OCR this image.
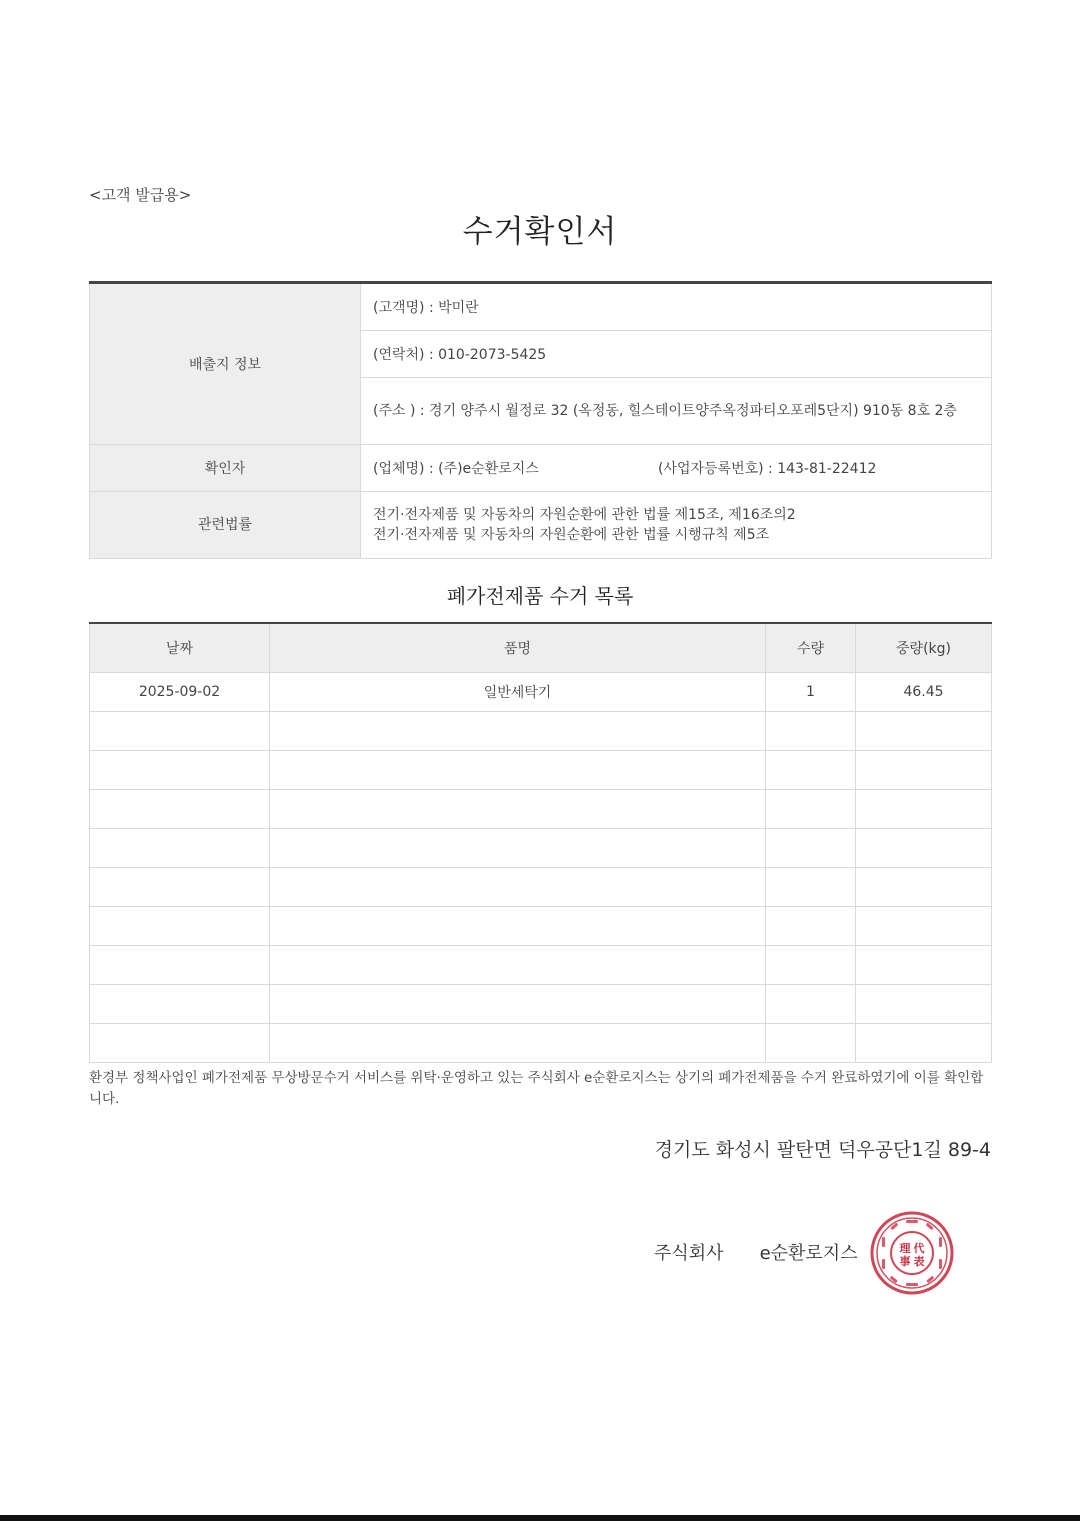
<고객 발급용>
수거확인서
배출지 정보	(고객명) : 박미란
	(연락처) : 010-2073-5425
	(주소 ) : 경기 양주시 월정로 32 (옥정동, 힐스테이트양주옥정파티오포레5단지) 910동 8호 2층
확인자	(업체명) : (주)e순환로지스 (사업자등록번호) : 143-81-22412

관련법률	전기·전자제품 및 자동차의 자원순환에 관한 법률 제15조, 제16조의2
전기·전자제품 및 자동차의 자원순환에 관한 법률 시행규칙 제5조
폐가전제품 수거 목록
날짜	품명	수량	중량(kg)
2025-09-02	일반세탁기	1	46.45

환경부 정책사업인 폐가전제품 무상방문수거 서비스를 위탁·운영하고 있는 주식회사 e순환로지스는 상기의 폐가전제품을 수거 완료하였기에 이를 확인합니다.
경기도 화성시 팔탄면 덕우공단1길 89-4
주식회사 e순환로지스	理 代
事 表
